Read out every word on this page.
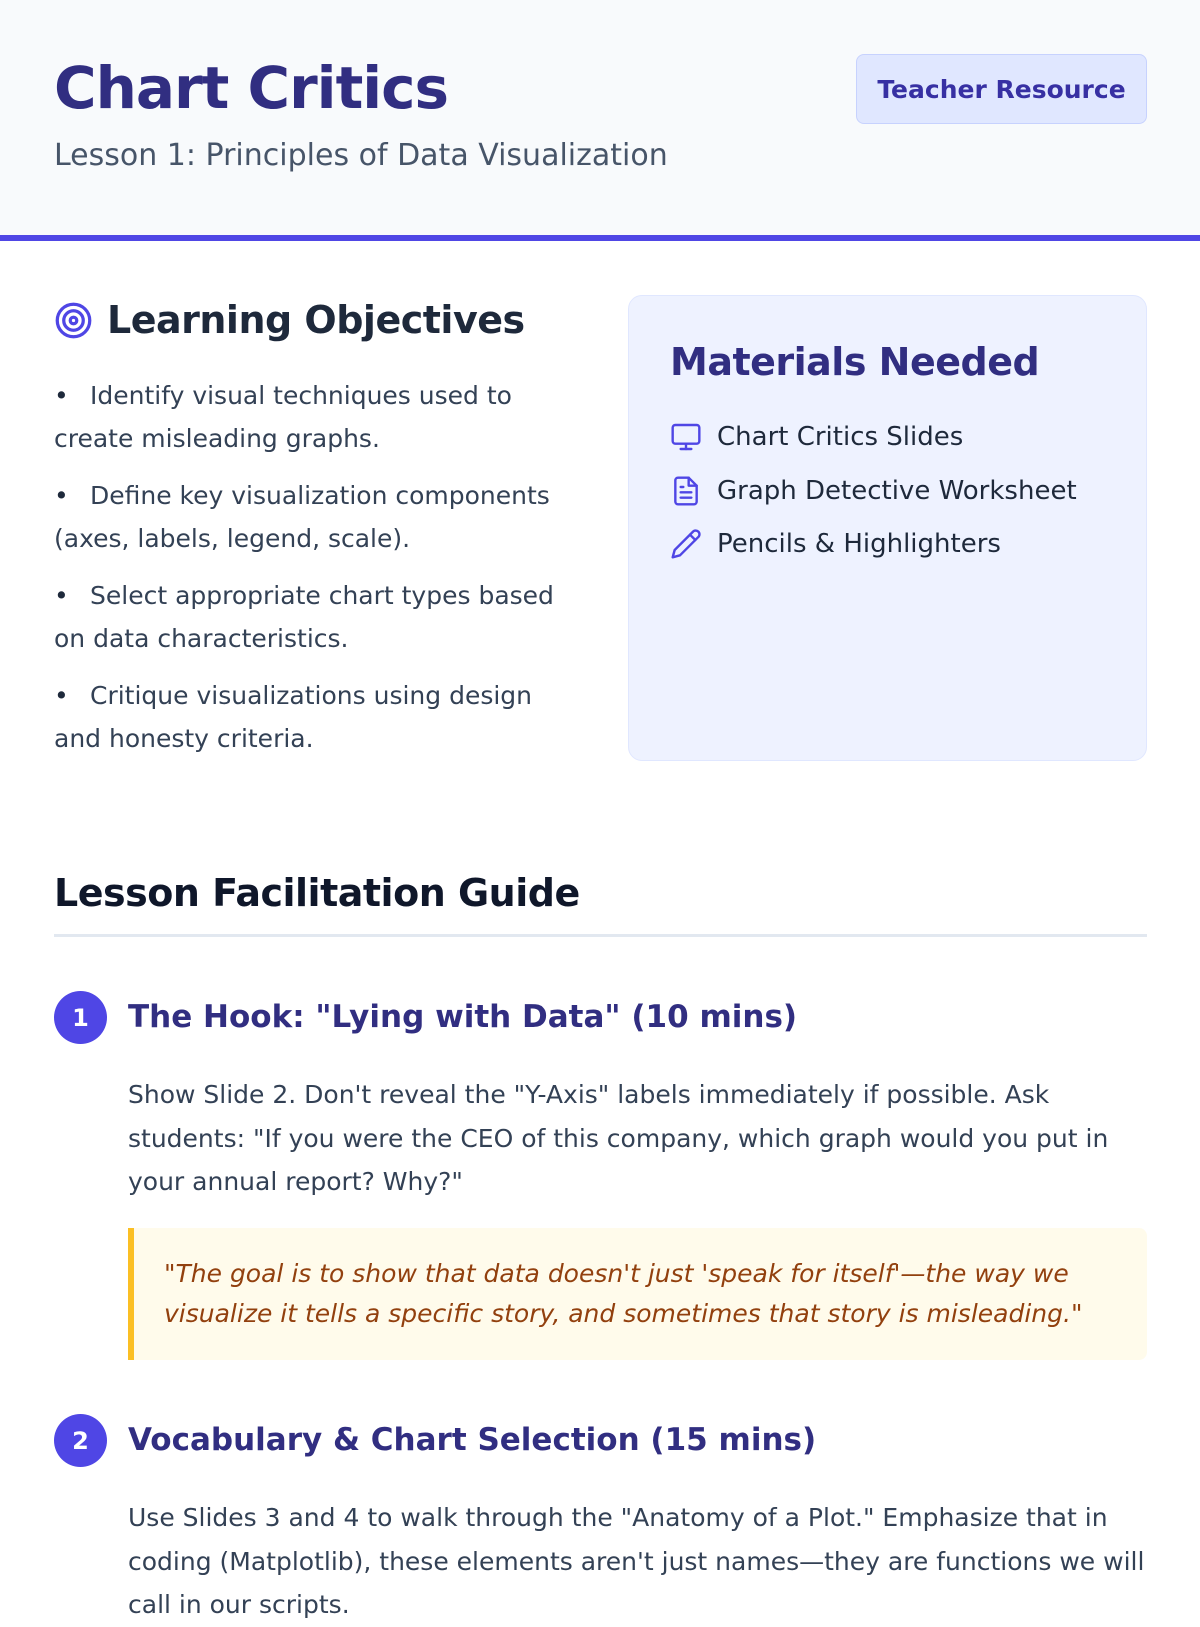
Chart Critics
Lesson 1: Principles of Data Visualization
Teacher Resource
Learning Objectives
• Identify visual techniques used to create misleading graphs.
• Define key visualization components (axes, labels, legend, scale).
• Select appropriate chart types based on data characteristics.
• Critique visualizations using design and honesty criteria.
Materials Needed
Chart Critics Slides
Graph Detective Worksheet
Pencils & Highlighters
Lesson Facilitation Guide
1	The Hook: "Lying with Data" (10 mins)
Show Slide 2. Don't reveal the "Y-Axis" labels immediately if possible. Ask students: "If you were the CEO of this company, which graph would you put in your annual report? Why?"
"The goal is to show that data doesn't just 'speak for itself'—the way we visualize it tells a specific story, and sometimes that story is misleading."
2	Vocabulary & Chart Selection (15 mins)
Use Slides 3 and 4 to walk through the "Anatomy of a Plot." Emphasize that in coding (Matplotlib), these elements aren't just names—they are functions we will call in our scripts.
